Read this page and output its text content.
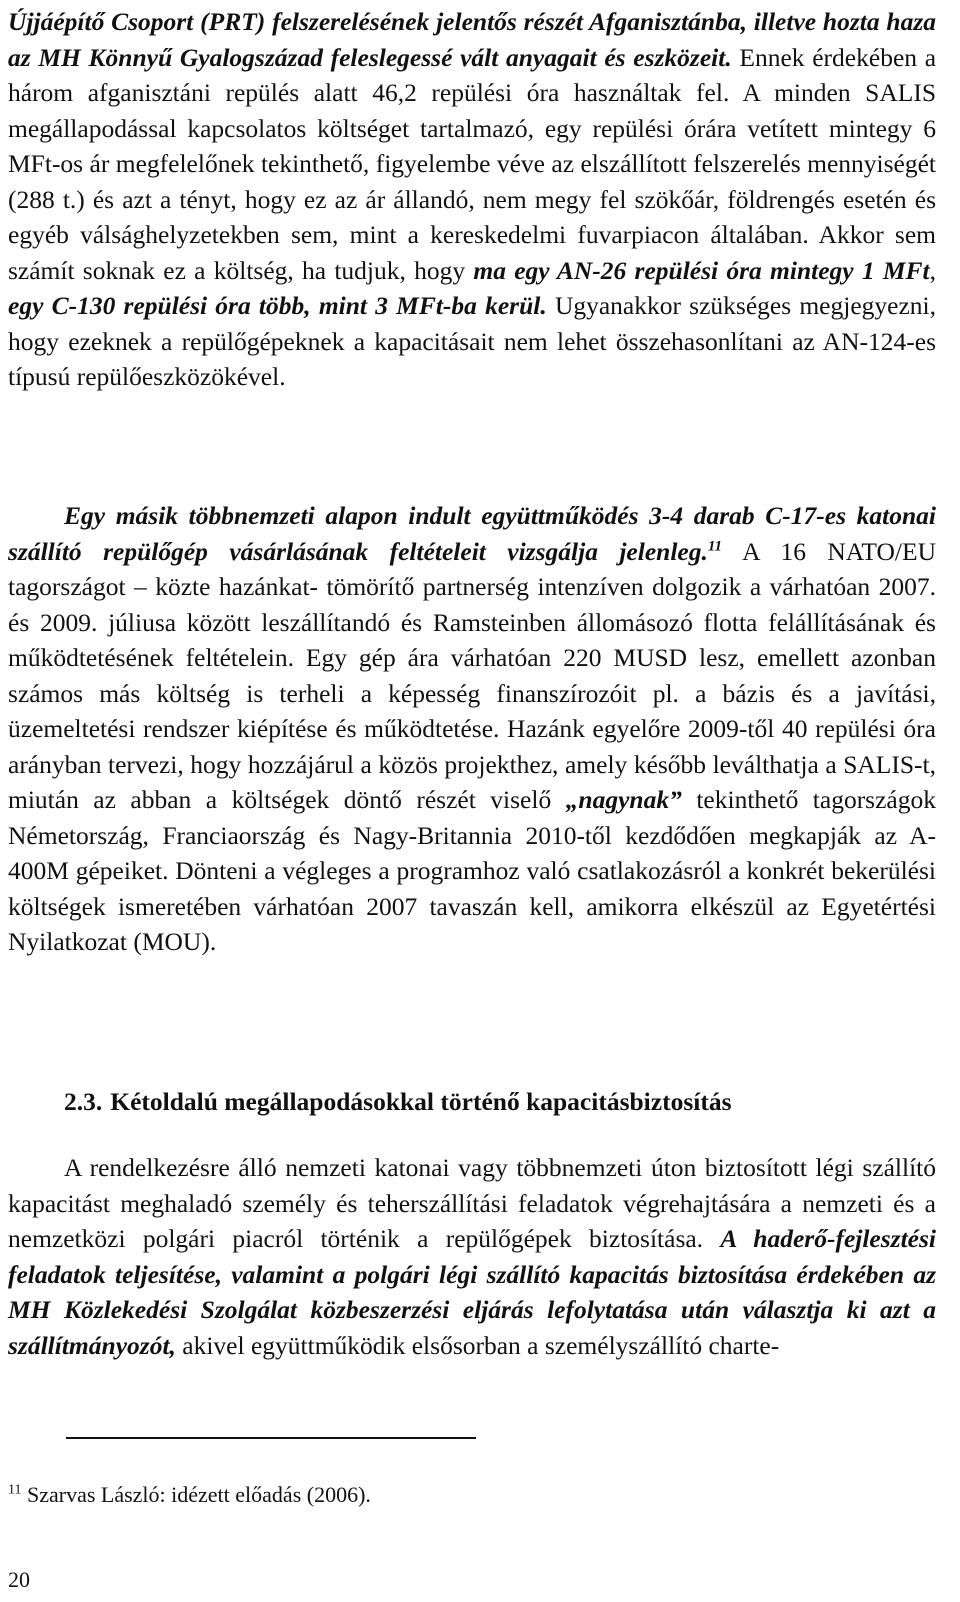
Újjáépítő Csoport (PRT) felszerelésének jelentős részét Afganisztánba, illetve hozta haza az MH Könnyű Gyalogszázad feleslegessé vált anyagait és eszközeit. Ennek érdekében a három afganisztáni repülés alatt 46,2 repülési óra használtak fel. A minden SALIS megállapodással kapcsolatos költséget tartalmazó, egy repülési órára vetített mintegy 6 MFt-os ár megfelelőnek tekinthető, figyelembe véve az elszállított felszerelés mennyiségét (288 t.) és azt a tényt, hogy ez az ár állandó, nem megy fel szökőár, földrengés esetén és egyéb válsághelyzetekben sem, mint a kereskedelmi fuvarpiacon általában. Akkor sem számít soknak ez a költség, ha tudjuk, hogy ma egy AN-26 repülési óra mintegy 1 MFt, egy C-130 repülési óra több, mint 3 MFt-ba kerül. Ugyanakkor szükséges megjegyezni, hogy ezeknek a repülőgépeknek a kapacitásait nem lehet összehasonlítani az AN-124-es típusú repülőeszközökével.

Egy másik többnemzeti alapon indult együttműködés 3-4 darab C-17-es katonai szállító repülőgép vásárlásának feltételeit vizsgálja jelenleg.$^{11}$ A 16 NATO/EU tagországot – közte hazánkat- tömörítő partnerség intenzíven dolgozik a várhatóan 2007. és 2009. júliusa között leszállítandó és Ramsteinben állomásozó flotta felállításának és működtetésének feltételein. Egy gép ára várhatóan 220 MUSD lesz, emellett azonban számos más költség is terheli a képesség finanszírozóit pl. a bázis és a javítási, üzemeltetési rendszer kiépítése és működtetése. Hazánk egyelőre 2009-től 40 repülési óra arányban tervezi, hogy hozzájárul a közös projekthez, amely később leválthatja a SALIS-t, miután az abban a költségek döntő részét viselő „nagynak” tekinthető tagországok Németország, Franciaország és Nagy-Britannia 2010-től kezdődően megkapják az A-400M gépeiket. Dönteni a végleges a programhoz való csatlakozásról a konkrét bekerülési költségek ismeretében várhatóan 2007 tavaszán kell, amikorra elkészül az Egyetértési Nyilatkozat (MOU).

2.3. Kétoldalú megállapodásokkal történő kapacitásbiztosítás

A rendelkezésre álló nemzeti katonai vagy többnemzeti úton biztosított légi szállító kapacitást meghaladó személy és teherszállítási feladatok végrehajtására a nemzeti és a nemzetközi polgári piacról történik a repülőgépek biztosítása. A haderő-fejlesztési feladatok teljesítése, valamint a polgári légi szállító kapacitás biztosítása érdekében az MH Közlekedési Szolgálat közbeszerzési eljárás lefolytatása után választja ki azt a szállítmányozót, akivel együttműködik elsősorban a személyszállító charte-

$^{11}$ Szarvas László: idézett előadás (2006).
20
